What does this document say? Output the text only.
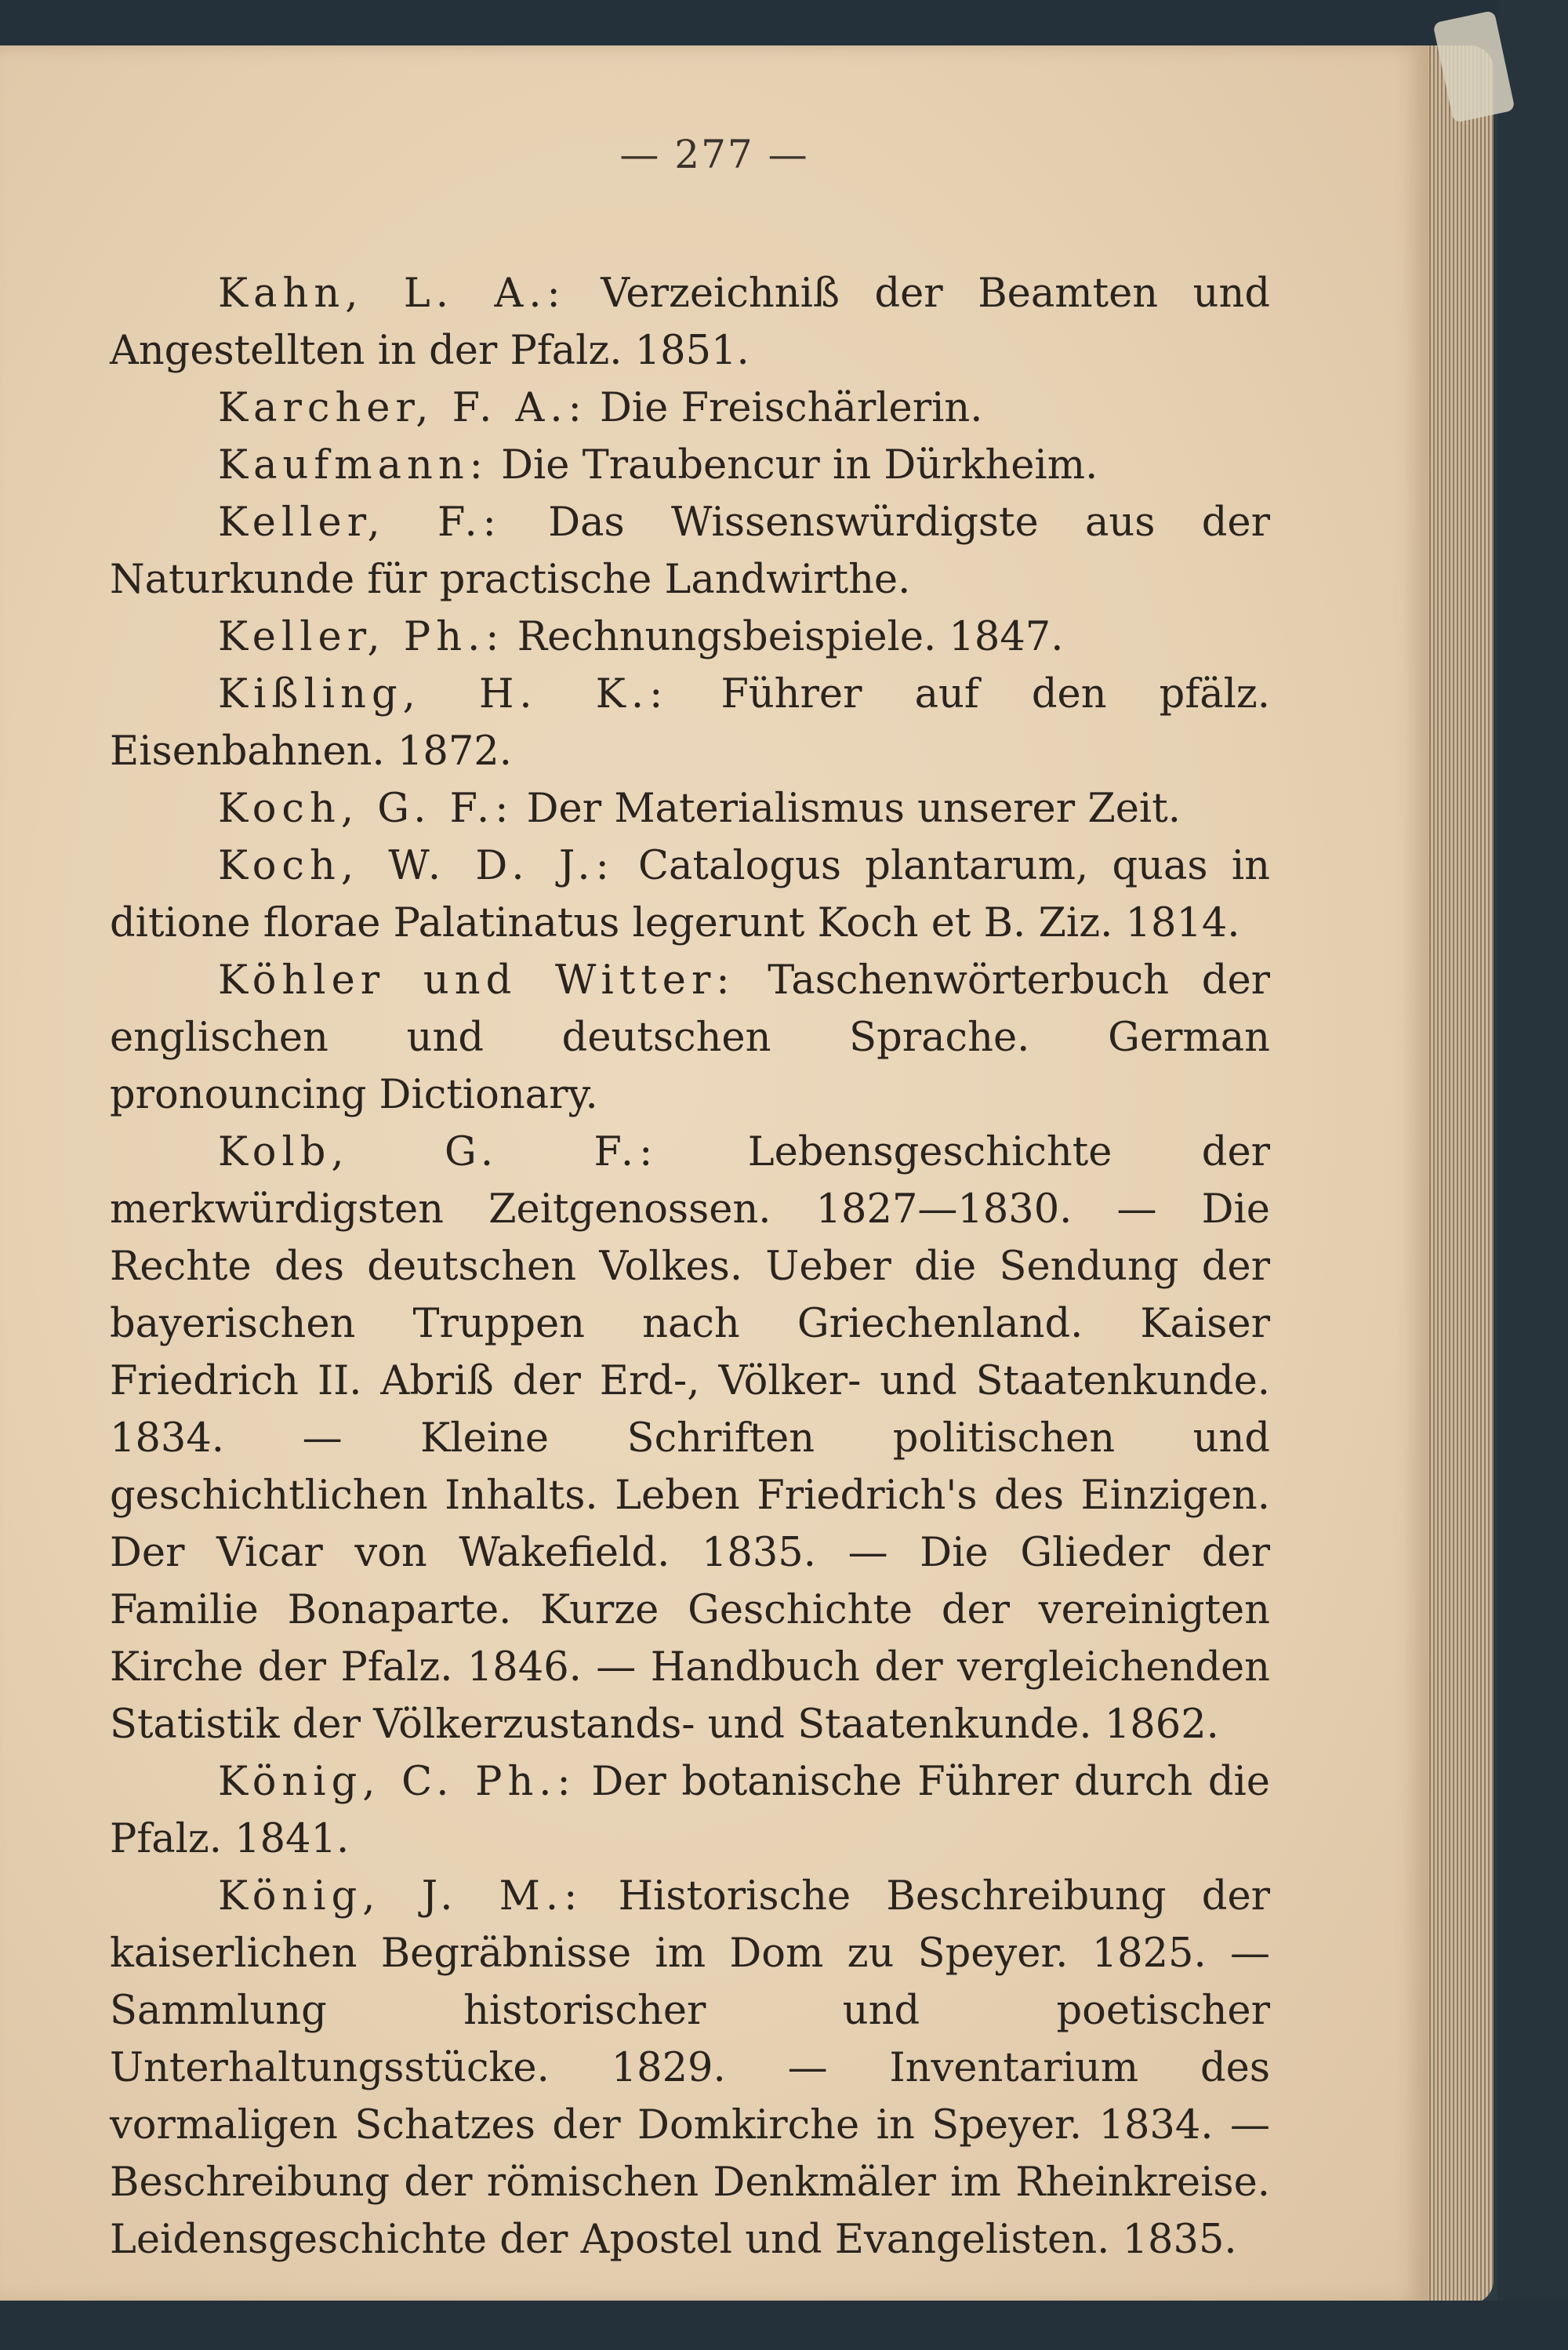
— 277 —

Kahn, L. A.: Verzeichniß der Beamten und Angestellten in der Pfalz. 1851.

Karcher, F. A.: Die Freischärlerin.

Kaufmann: Die Traubencur in Dürkheim.

Keller, F.: Das Wissenswürdigste aus der Naturkunde für practische Landwirthe.

Keller, Ph.: Rechnungsbeispiele. 1847.

Kißling, H. K.: Führer auf den pfälz. Eisenbahnen. 1872.

Koch, G. F.: Der Materialismus unserer Zeit.

Koch, W. D. J.: Catalogus plantarum, quas in ditione florae Palatinatus legerunt Koch et B. Ziz. 1814.

Köhler und Witter: Taschenwörterbuch der englischen und deutschen Sprache. German pronouncing Dictionary.

Kolb, G. F.: Lebensgeschichte der merkwürdigsten Zeitgenossen. 1827—1830. — Die Rechte des deutschen Volkes. Ueber die Sendung der bayerischen Truppen nach Griechenland. Kaiser Friedrich II. Abriß der Erd-, Völker- und Staatenkunde. 1834. — Kleine Schriften politischen und geschichtlichen Inhalts. Leben Friedrich's des Einzigen. Der Vicar von Wakefield. 1835. — Die Glieder der Familie Bonaparte. Kurze Geschichte der vereinigten Kirche der Pfalz. 1846. — Handbuch der vergleichenden Statistik der Völkerzustands- und Staatenkunde. 1862.

König, C. Ph.: Der botanische Führer durch die Pfalz. 1841.

König, J. M.: Historische Beschreibung der kaiserlichen Begräbnisse im Dom zu Speyer. 1825. — Sammlung historischer und poetischer Unterhaltungsstücke. 1829. — Inventarium des vormaligen Schatzes der Domkirche in Speyer. 1834. — Beschreibung der römischen Denkmäler im Rheinkreise. Leidensgeschichte der Apostel und Evangelisten. 1835.
